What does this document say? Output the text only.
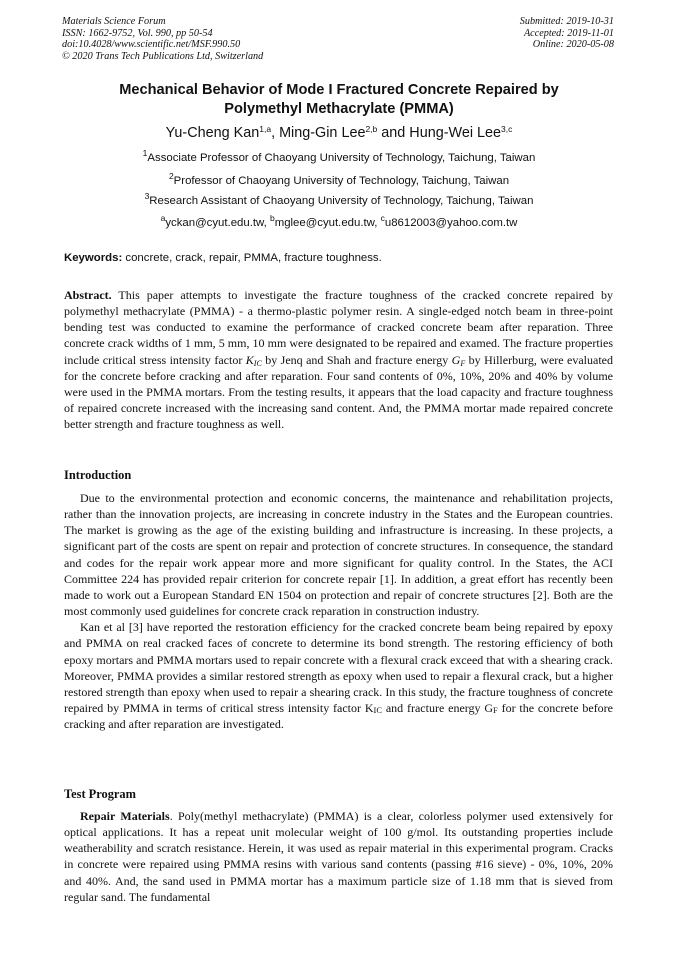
Materials Science Forum
ISSN: 1662-9752, Vol. 990, pp 50-54
doi:10.4028/www.scientific.net/MSF.990.50
© 2020 Trans Tech Publications Ltd, Switzerland
Submitted: 2019-10-31
Accepted: 2019-11-01
Online: 2020-05-08
Mechanical Behavior of Mode I Fractured Concrete Repaired by
Polymethyl Methacrylate (PMMA)
Yu-Cheng Kan$^{1,a}$, Ming-Gin Lee$^{2,b}$ and Hung-Wei Lee$^{3,c}$
$^1$Associate Professor of Chaoyang University of Technology, Taichung, Taiwan
$^2$Professor of Chaoyang University of Technology, Taichung, Taiwan
$^3$Research Assistant of Chaoyang University of Technology, Taichung, Taiwan
$^a$yckan@cyut.edu.tw, $^b$mglee@cyut.edu.tw, $^c$u8612003@yahoo.com.tw
Keywords: concrete, crack, repair, PMMA, fracture toughness.

Abstract. This paper attempts to investigate the fracture toughness of the cracked concrete repaired by polymethyl methacrylate (PMMA) - a thermo-plastic polymer resin. A single-edged notch beam in three-point bending test was conducted to examine the performance of cracked concrete beam after reparation. Three concrete crack widths of 1 mm, 5 mm, 10 mm were designated to be repaired and examed. The fracture properties include critical stress intensity factor $K_{IC}$ by Jenq and Shah and fracture energy $G_F$ by Hillerburg, were evaluated for the concrete before cracking and after reparation. Four sand contents of 0%, 10%, 20% and 40% by volume were used in the PMMA mortars. From the testing results, it appears that the load capacity and fracture toughness of repaired concrete increased with the increasing sand content. And, the PMMA mortar made repaired concrete better strength and fracture toughness as well.

Introduction

Due to the environmental protection and economic concerns, the maintenance and rehabilitation projects, rather than the innovation projects, are increasing in concrete industry in the States and the European countries. The market is growing as the age of the existing building and infrastructure is increasing. In these projects, a significant part of the costs are spent on repair and protection of concrete structures. In consequence, the standard and codes for the repair work appear more and more significant for quality control. In the States, the ACI Committee 224 has provided repair criterion for concrete repair [1]. In addition, a great effort has recently been made to work out a European Standard EN 1504 on protection and repair of concrete structures [2]. Both are the most commonly used guidelines for concrete crack reparation in construction industry.

Kan et al [3] have reported the restoration efficiency for the cracked concrete beam being repaired by epoxy and PMMA on real cracked faces of concrete to determine its bond strength. The restoring efficiency of both epoxy mortars and PMMA mortars used to repair concrete with a flexural crack exceed that with a shearing crack. Moreover, PMMA provides a similar restored strength as epoxy when used to repair a flexural crack, but a higher restored strength than epoxy when used to repair a shearing crack. In this study, the fracture toughness of concrete repaired by PMMA in terms of critical stress intensity factor KIC and fracture energy GF for the concrete before cracking and after reparation are investigated.

Test Program

Repair Materials. Poly(methyl methacrylate) (PMMA) is a clear, colorless polymer used extensively for optical applications. It has a repeat unit molecular weight of 100 g/mol. Its outstanding properties include weatherability and scratch resistance. Herein, it was used as repair material in this experimental program. Cracks in concrete were repaired using PMMA resins with various sand contents (passing #16 sieve) - 0%, 10%, 20% and 40%. And, the sand used in PMMA mortar has a maximum particle size of 1.18 mm that is sieved from regular sand. The fundamental
